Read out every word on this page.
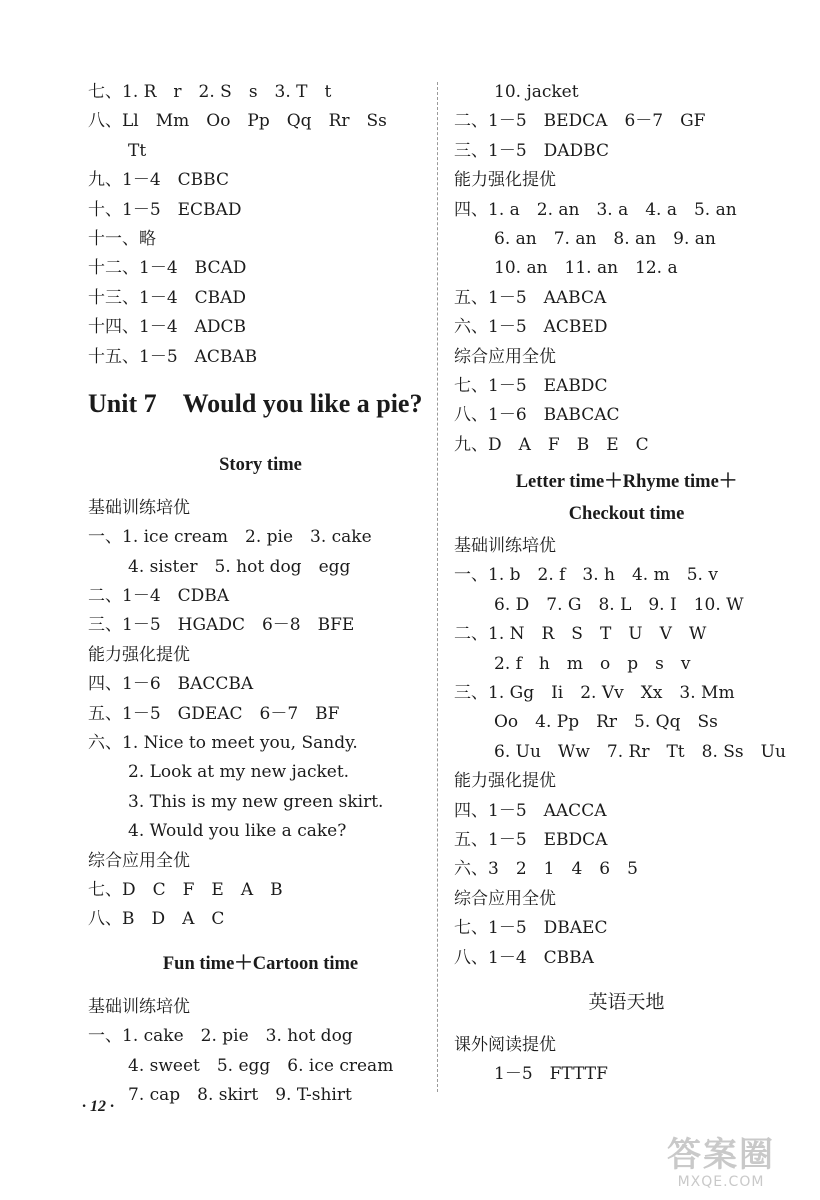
七、1. R　r　2. S　s　3. T　t
八、Ll　Mm　Oo　Pp　Qq　Rr　Ss
Tt
九、1－4　CBBC
十、1－5　ECBAD
十一、略
十二、1－4　BCAD
十三、1－4　CBAD
十四、1－4　ADCB
十五、1－5　ACBAB
Unit 7　Would you like a pie?
Story time
基础训练培优
一、1. ice cream　2. pie　3. cake
4. sister　5. hot dog　egg
二、1－4　CDBA
三、1－5　HGADC　6－8　BFE
能力强化提优
四、1－6　BACCBA
五、1－5　GDEAC　6－7　BF
六、1. Nice to meet you, Sandy.
2. Look at my new jacket.
3. This is my new green skirt.
4. Would you like a cake?
综合应用全优
七、D　C　F　E　A　B
八、B　D　A　C
Fun time＋Cartoon time
基础训练培优
一、1. cake　2. pie　3. hot dog
4. sweet　5. egg　6. ice cream
7. cap　8. skirt　9. T-shirt
10. jacket
二、1－5　BEDCA　6－7　GF
三、1－5　DADBC
能力强化提优
四、1. a　2. an　3. a　4. a　5. an
6. an　7. an　8. an　9. an
10. an　11. an　12. a
五、1－5　AABCA
六、1－5　ACBED
综合应用全优
七、1－5　EABDC
八、1－6　BABCAC
九、D　A　F　B　E　C
Letter time＋Rhyme time＋
Checkout time
基础训练培优
一、1. b　2. f　3. h　4. m　5. v
6. D　7. G　8. L　9. I　10. W
二、1. N　R　S　T　U　V　W
2. f　h　m　o　p　s　v
三、1. Gg　Ii　2. Vv　Xx　3. Mm
Oo　4. Pp　Rr　5. Qq　Ss
6. Uu　Ww　7. Rr　Tt　8. Ss　Uu
能力强化提优
四、1－5　AACCA
五、1－5　EBDCA
六、3　2　1　4　6　5
综合应用全优
七、1－5　DBAEC
八、1－4　CBBA
英语天地
课外阅读提优
1－5　FTTTF
· 12 ·
答案圈
MXQE.COM
